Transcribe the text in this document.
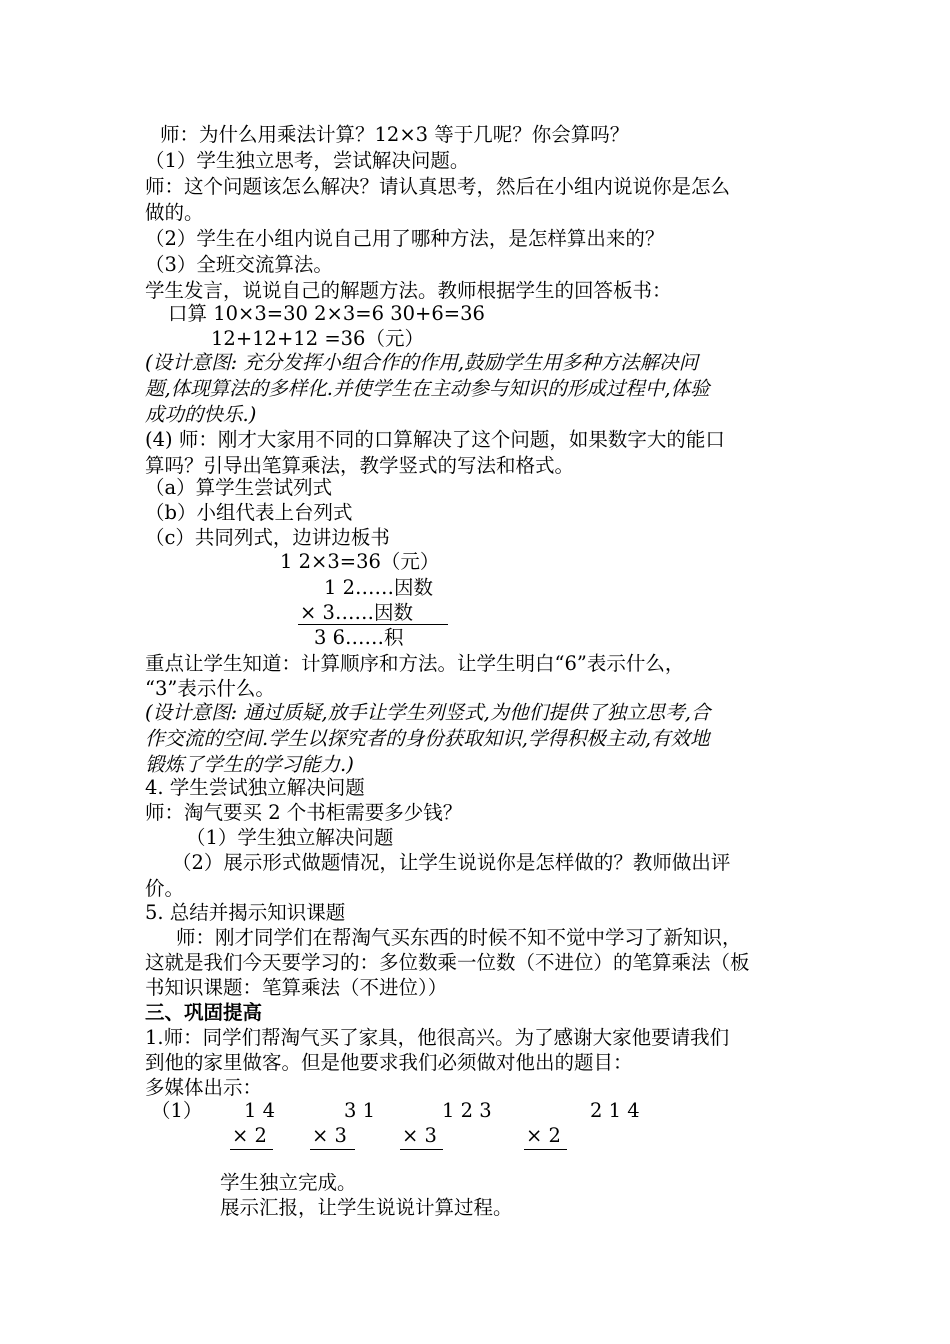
师：为什么用乘法计算？12×3 等于几呢？你会算吗？
（1）学生独立思考，尝试解决问题。
师：这个问题该怎么解决？请认真思考，然后在小组内说说你是怎么
做的。
（2）学生在小组内说自己用了哪种方法，是怎样算出来的？
（3）全班交流算法。
学生发言，说说自己的解题方法。教师根据学生的回答板书：
口算 10×3=30 2×3=6 30+6=36
12+12+12 =36（元）
(设计意图: 充分发挥小组合作的作用,鼓励学生用多种方法解决问
题,体现算法的多样化.并使学生在主动参与知识的形成过程中,体验
成功的快乐.)
(4) 师：刚才大家用不同的口算解决了这个问题，如果数字大的能口
算吗？引导出笔算乘法，教学竖式的写法和格式。
（a）算学生尝试列式
（b）小组代表上台列式
（c）共同列式，边讲边板书
1 2×3=36（元）
1 2……因数
× 3……因数
3 6……积
重点让学生知道：计算顺序和方法。让学生明白“6”表示什么，
“3”表示什么。
(设计意图: 通过质疑,放手让学生列竖式,为他们提供了独立思考,合
作交流的空间.学生以探究者的身份获取知识,学得积极主动,有效地
锻炼了学生的学习能力.)
4. 学生尝试独立解决问题
师：淘气要买 2 个书柜需要多少钱？
（1）学生独立解决问题
（2）展示形式做题情况，让学生说说你是怎样做的？教师做出评
价。
5. 总结并揭示知识课题
师：刚才同学们在帮淘气买东西的时候不知不觉中学习了新知识，
这就是我们今天要学习的：多位数乘一位数（不进位）的笔算乘法（板
书知识课题：笔算乘法（不进位））
三、巩固提高
1.师：同学们帮淘气买了家具，他很高兴。为了感谢大家他要请我们
到他的家里做客。但是他要求我们必须做对他出的题目：
多媒体出示：
（1） 1 4	3 1	1 2 3	2 1 4
× 2	× 3	× 3	× 2
学生独立完成。
展示汇报，让学生说说计算过程。
